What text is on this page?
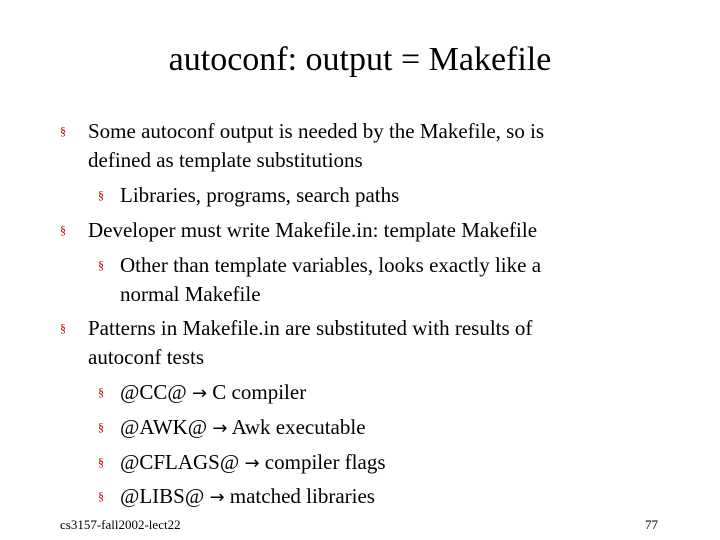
autoconf: output = Makefile
§ Some autoconf output is needed by the Makefile, so is
defined as template substitutions
§ Libraries, programs, search paths
§ Developer must write Makefile.in: template Makefile
§ Other than template variables, looks exactly like a
normal Makefile
§ Patterns in Makefile.in are substituted with results of
autoconf tests
§ @CC@ → C compiler
§ @AWK@ → Awk executable
§ @CFLAGS@ → compiler flags
§ @LIBS@ → matched libraries
cs3157-fall2002-lect22	77
